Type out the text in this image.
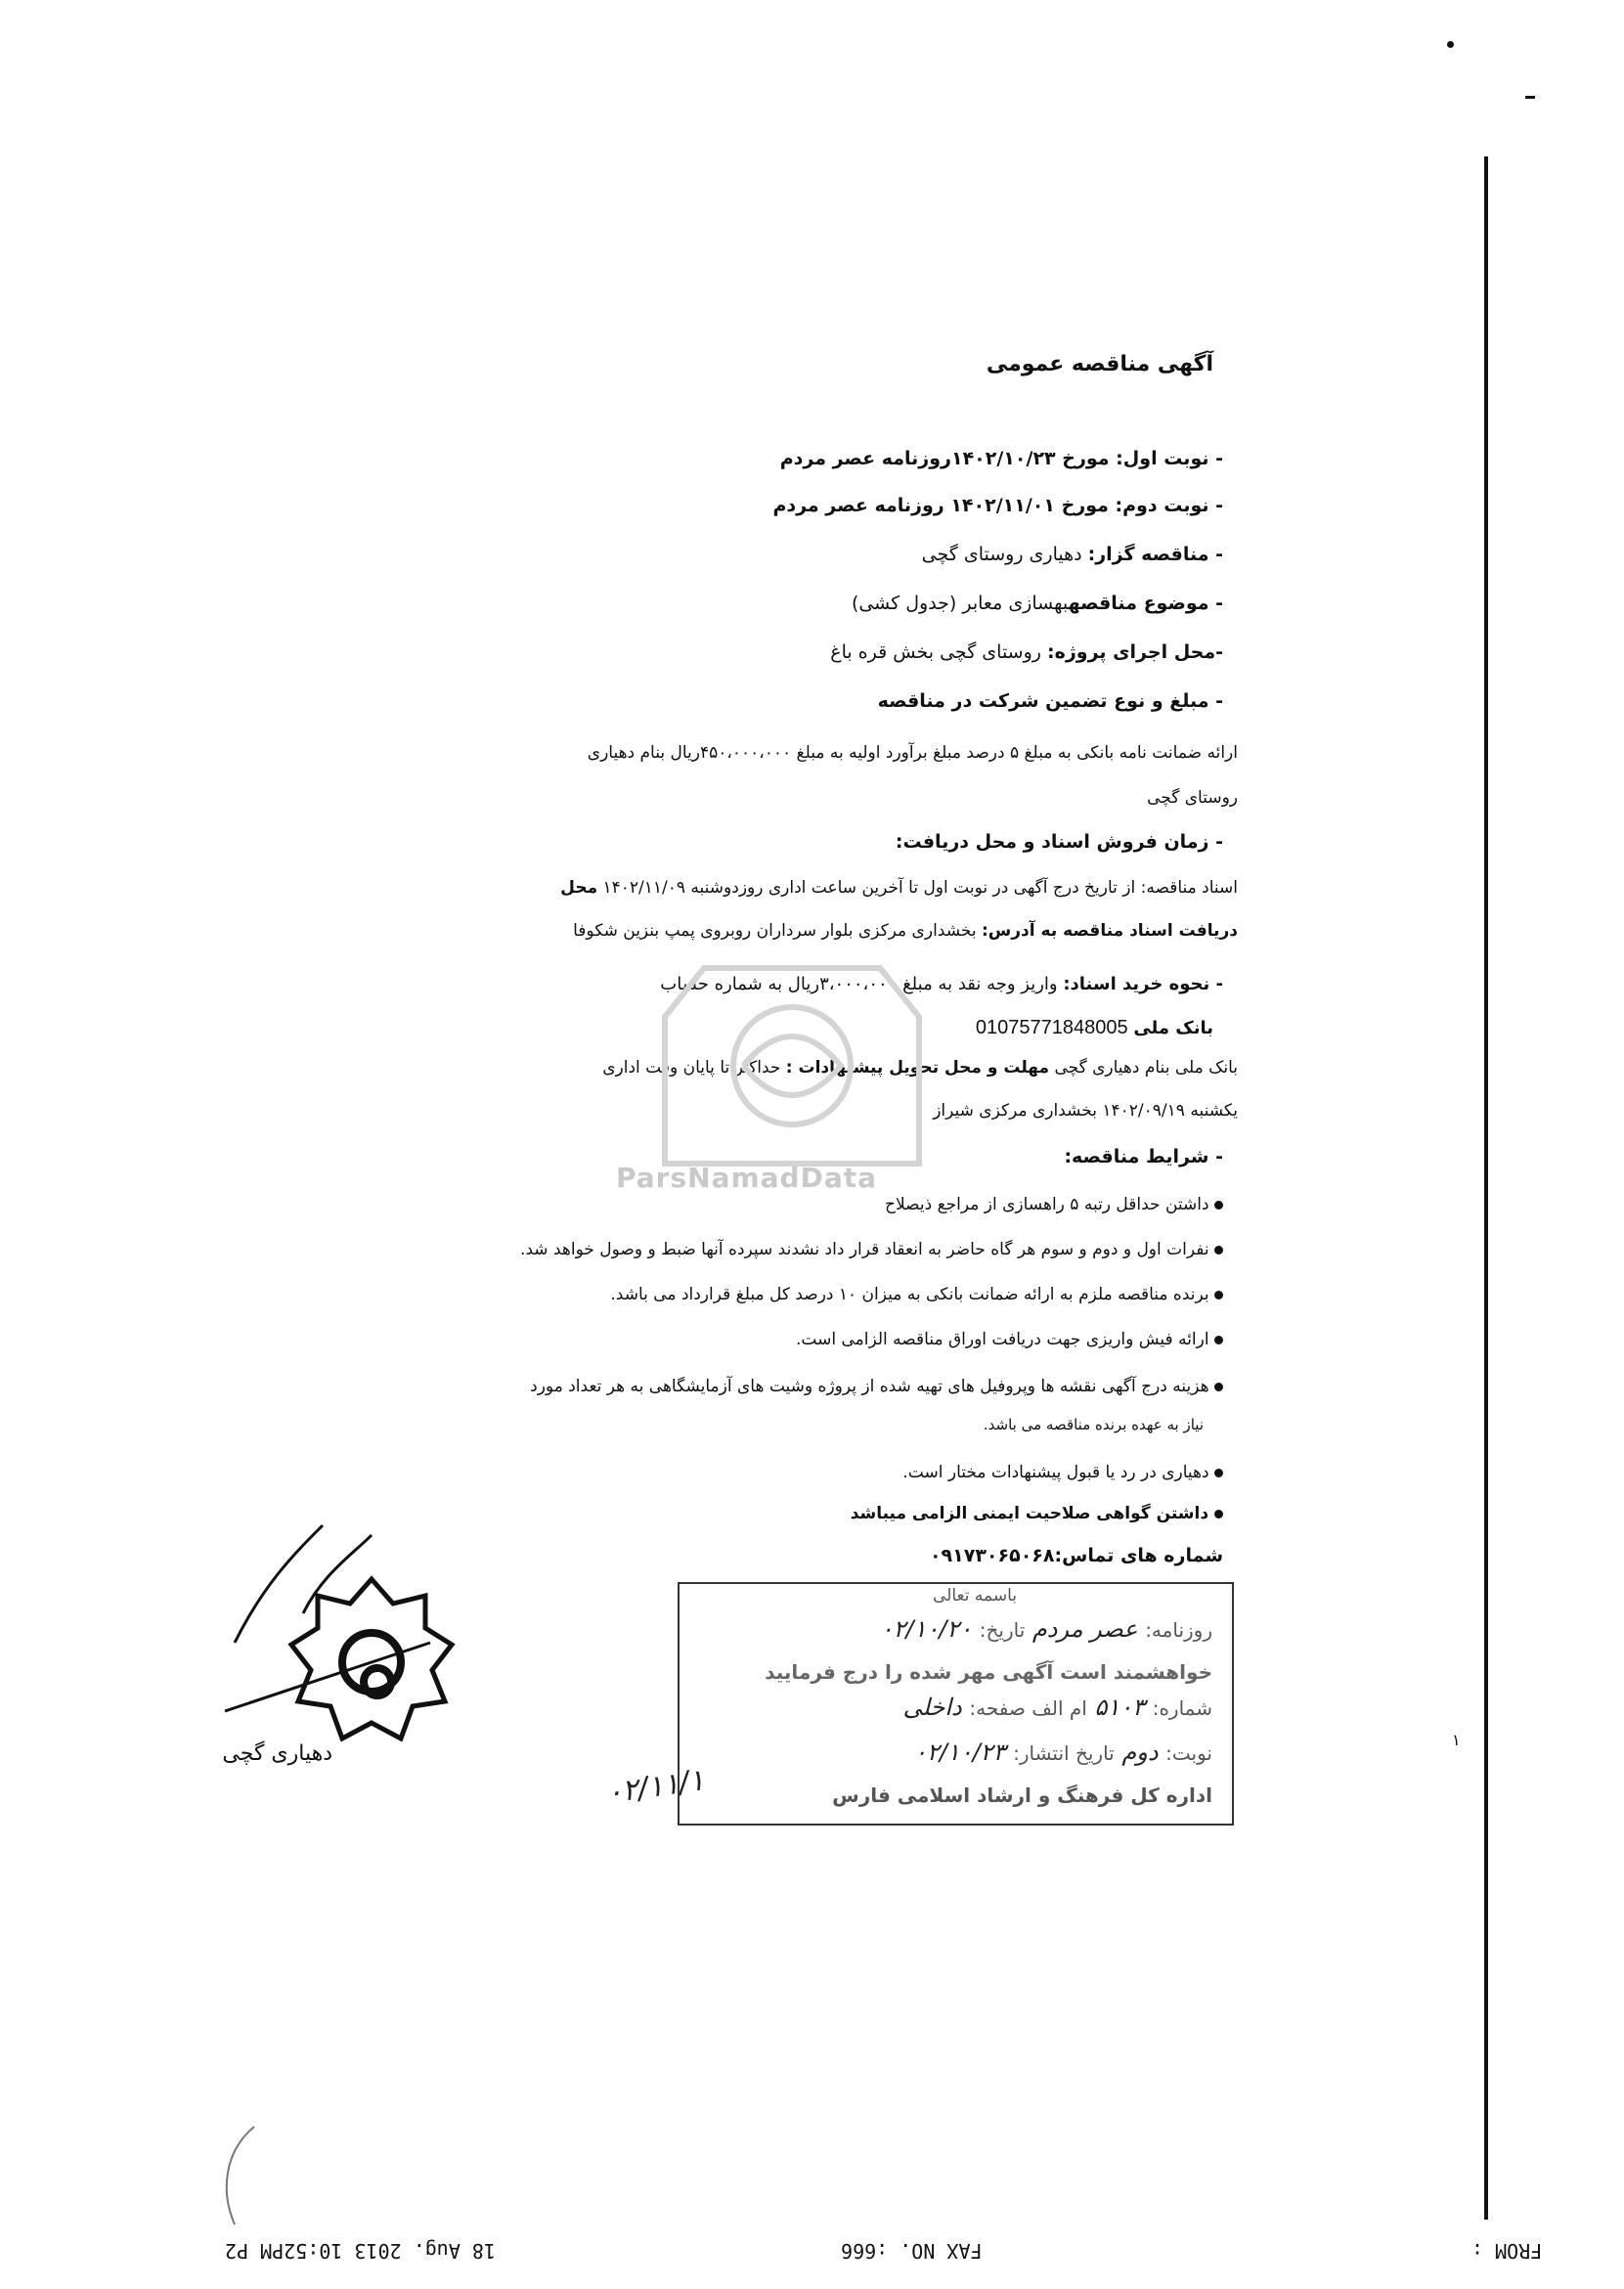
آگهی مناقصه عمومی
- نوبت اول: مورخ ۱۴۰۲/۱۰/۲۳روزنامه عصر مردم
- نوبت دوم: مورخ ۱۴۰۲/۱۱/۰۱ روزنامه عصر مردم
- مناقصه گزار: دهیاری روستای گچی
- موضوع مناقصهبهسازی معابر (جدول کشی)
-محل اجرای پروژه: روستای گچی بخش قره باغ
- مبلغ و نوع تضمین شرکت در مناقصه
ارائه ضمانت نامه بانکی به مبلغ ۵ درصد مبلغ برآورد اولیه به مبلغ ۴۵۰،۰۰۰،۰۰۰ریال بنام دهیاری
روستای گچی
- زمان فروش اسناد و محل دریافت:
اسناد مناقصه: از تاریخ درج آگهی در نوبت اول تا آخرین ساعت اداری روزدوشنبه ۱۴۰۲/۱۱/۰۹ محل
دریافت اسناد مناقصه به آدرس: بخشداری مرکزی بلوار سرداران روبروی پمپ بنزین شکوفا
- نحوه خرید اسناد: واریز وجه نقد به مبلغ ۳،۰۰۰،۰۰۰ریال به شماره حساب
بانک ملی 01075771848005
بانک ملی بنام دهیاری گچی مهلت و محل تحویل پیشنهادات : حداکثر تا پایان وقت اداری
یکشنبه ۱۴۰۲/۰۹/۱۹ بخشداری مرکزی شیراز
- شرایط مناقصه:
ParsNamadData
داشتن حداقل رتبه ۵ راهسازی از مراجع ذیصلاح
نفرات اول و دوم و سوم هر گاه حاضر به انعقاد قرار داد نشدند سپرده آنها ضبط و وصول خواهد شد.
برنده مناقصه ملزم به ارائه ضمانت بانکی به میزان ۱۰ درصد کل مبلغ قرارداد می باشد.
ارائه فیش واریزی جهت دریافت اوراق مناقصه الزامی است.
هزینه درج آگهی نقشه ها وپروفیل های تهیه شده از پروژه وشیت های آزمایشگاهی به هر تعداد مورد
نیاز به عهده برنده مناقصه می باشد.
دهیاری در رد یا قبول پیشنهادات مختار است.
داشتن گواهی صلاحیت ایمنی الزامی میباشد
شماره های تماس:۰۹۱۷۳۰۶۵۰۶۸
دهیاری گچی
باسمه تعالی
روزنامه: عصر مردم تاریخ: ۰۲/۱۰/۲۰
خواهشمند است آگهی مهر شده را درج فرمایید
شماره: ۵۱۰۳ ام الف صفحه: داخلی
نوبت: دوم تاریخ انتشار: ۰۲/۱۰/۲۳
اداره کل فرهنگ و ارشاد اسلامی فارس
۰۲/۱۱/۱
۱
FROM :
FAX NO. :666
18 Aug. 2013 10:52PM P2
